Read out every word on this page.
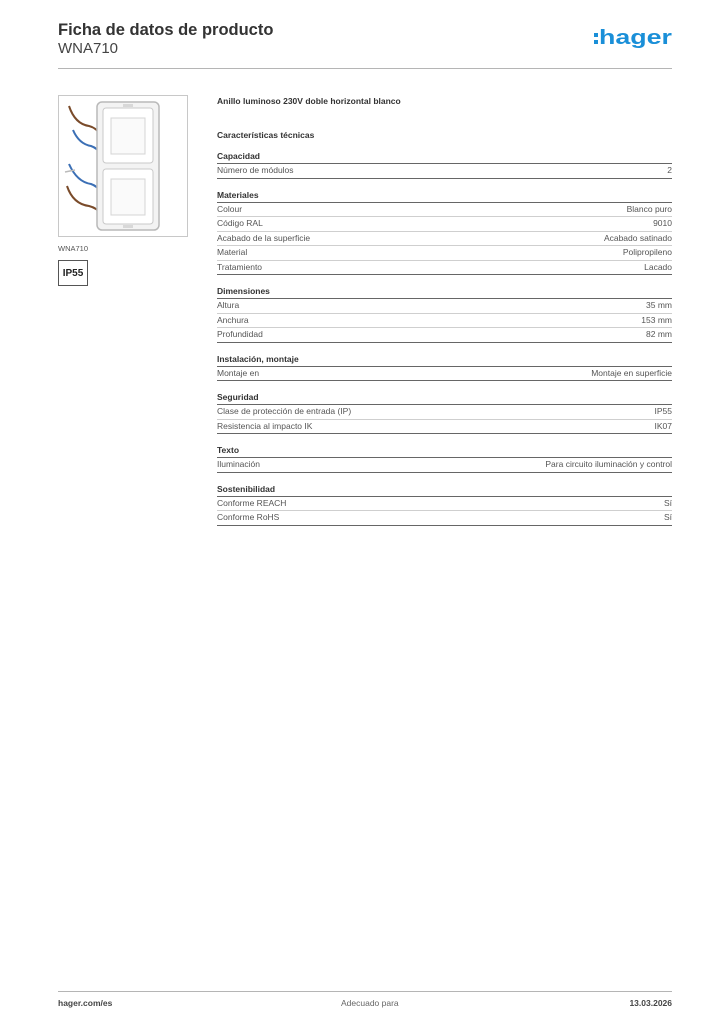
Ficha de datos de producto
WNA710	hager
WNA710
IP55
Anillo luminoso 230V doble horizontal blanco
Características técnicas
Capacidad
Número de módulos	2
Materiales
Colour	Blanco puro
Código RAL	9010
Acabado de la superficie	Acabado satinado
Material	Polipropileno
Tratamiento	Lacado
Dimensiones
Altura	35 mm
Anchura	153 mm
Profundidad	82 mm
Instalación, montaje
Montaje en	Montaje en superficie
Seguridad
Clase de protección de entrada (IP)	IP55
Resistencia al impacto IK	IK07
Texto
Iluminación	Para circuito iluminación y control
Sostenibilidad
Conforme REACH	Sí
Conforme RoHS	Sí
hager.com/es	Adecuado para	13.03.2026
